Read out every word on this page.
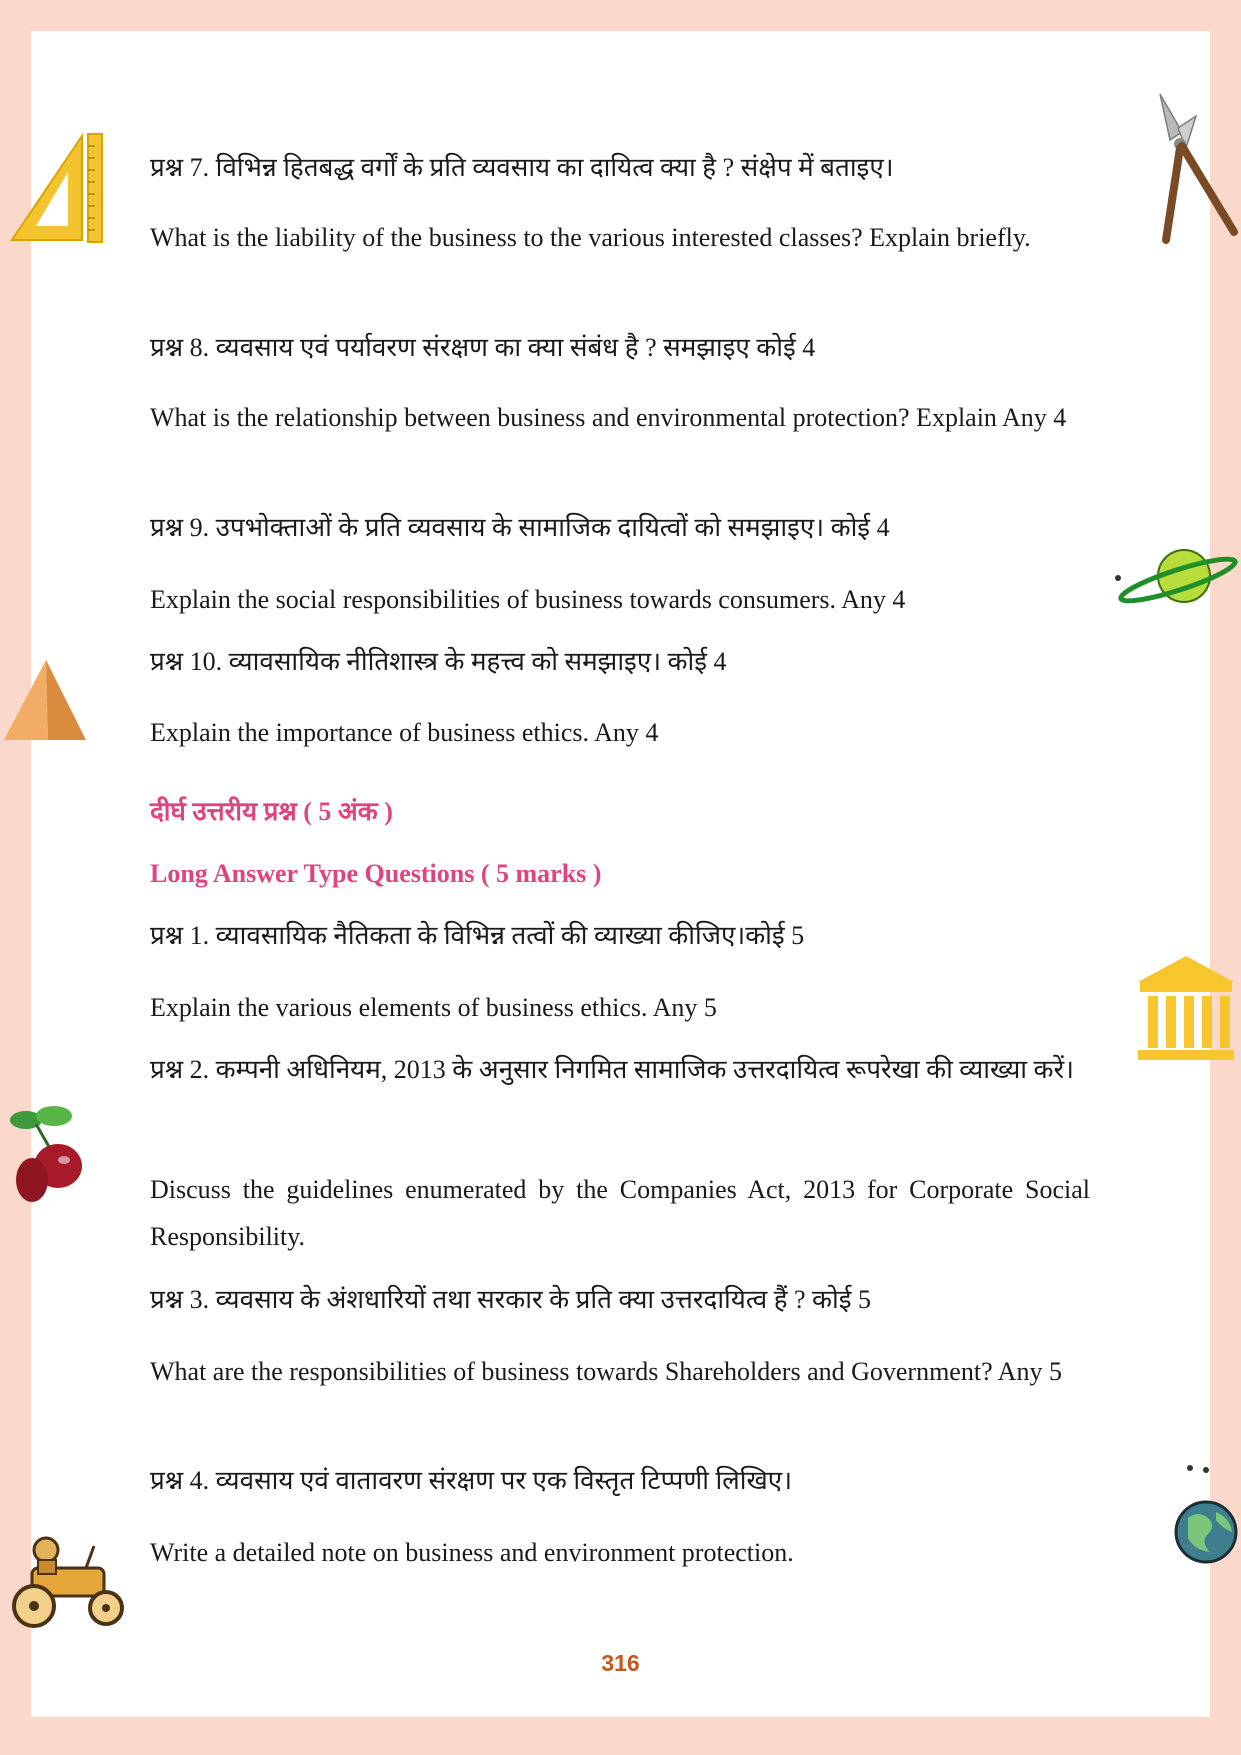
प्रश्न 7. विभिन्न हितबद्ध वर्गों के प्रति व्यवसाय का दायित्व क्या है ? संक्षेप में बताइए।

What is the liability of the business to the various interested classes? Explain briefly.

प्रश्न 8. व्यवसाय एवं पर्यावरण संरक्षण का क्या संबंध है ? समझाइए कोई 4

What is the relationship between business and environmental protection? Explain Any 4

प्रश्न 9. उपभोक्ताओं के प्रति व्यवसाय के सामाजिक दायित्वों को समझाइए। कोई 4

Explain the social responsibilities of business towards consumers. Any 4

प्रश्न 10. व्यावसायिक नीतिशास्त्र के महत्त्व को समझाइए। कोई 4

Explain the importance of business ethics. Any 4

दीर्घ उत्तरीय प्रश्न ( 5 अंक )

Long Answer Type Questions ( 5 marks )

प्रश्न 1. व्यावसायिक नैतिकता के विभिन्न तत्वों की व्याख्या कीजिए।कोई 5

Explain the various elements of business ethics. Any 5

प्रश्न 2. कम्पनी अधिनियम, 2013 के अनुसार निगमित सामाजिक उत्तरदायित्व रूपरेखा की व्याख्या करें।

Discuss the guidelines enumerated by the Companies Act, 2013 for Corporate Social Responsibility.

प्रश्न 3. व्यवसाय के अंशधारियों तथा सरकार के प्रति क्या उत्तरदायित्व हैं ? कोई 5

What are the responsibilities of business towards Shareholders and Government? Any 5

प्रश्न 4. व्यवसाय एवं वातावरण संरक्षण पर एक विस्तृत टिप्पणी लिखिए।

Write a detailed note on business and environment protection.

316
